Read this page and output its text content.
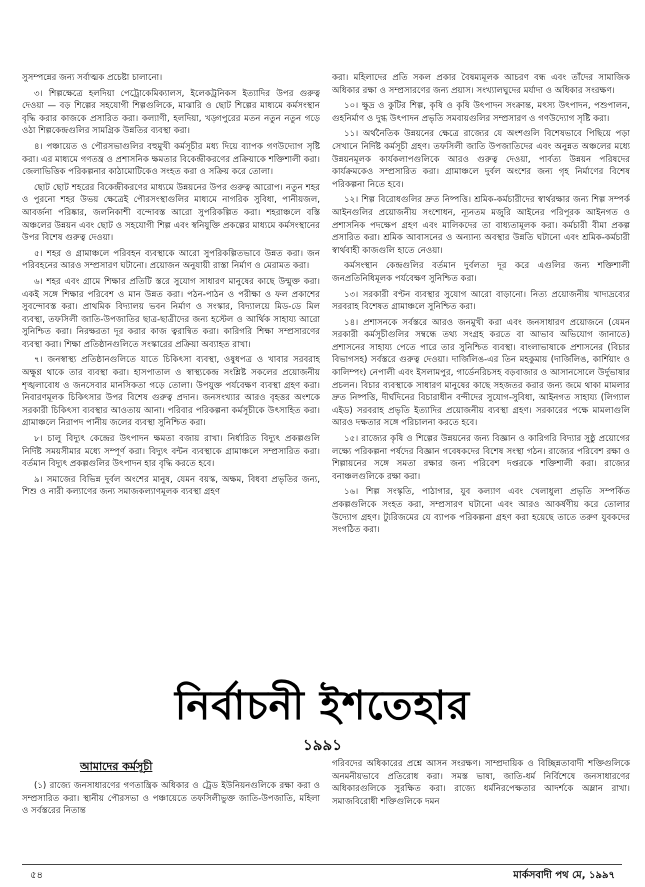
সুসম্পন্নের জন্য সর্বাত্মক প্রচেষ্টা চালানো।

৩। শিল্পক্ষেত্রে হলদিয়া পেট্রোকেমিক্যালস, ইলেকট্রনিকস ইত্যাদির উপর গুরুত্ব দেওয়া — বড় শিল্পের সহযোগী শিল্পগুলিকে, মাঝারি ও ছোট শিল্পের মাধ্যমে কর্মসংস্থান বৃদ্ধি করার কাজকে প্রসারিত করা। কল্যাণী, হলদিয়া, খড়্গপুরের মতন নতুন নতুন গড়ে ওঠা শিল্পকেন্দ্রগুলির সামগ্রিক উন্নতির ব্যবস্থা করা।

৪। পঞ্চায়েত ও পৌরসভাগুলির বহুমুখী কর্মসূচীর মধ্য দিয়ে ব্যাপক গণউদ্যোগ সৃষ্টি করা। এর মাধ্যমে গণতন্ত্র ও প্রশাসনিক ক্ষমতার বিকেন্দ্রীকরণের প্রক্রিয়াকে শক্তিশালী করা। জেলাভিত্তিক পরিকল্পনার কাঠামোটিকেও সংহত করা ও সক্রিয় করে তোলা।

ছোট ছোট শহরের বিকেন্দ্রীকরণের মাধ্যমে উন্নয়নের উপর গুরুত্ব আরোপ। নতুন শহর ও পুরনো শহর উভয় ক্ষেত্রেই পৌরসংস্থাগুলির মাধ্যমে নাগরিক সুবিধা, পানীয়জল, আবর্জনা পরিষ্কার, জলনিকাশী বন্দোবস্ত আরো সুপরিকল্পিত করা। শহরাঞ্চলে বস্তি অঞ্চলের উন্নয়ন এবং ছোট ও সহযোগী শিল্প এবং স্বনিযুক্তি প্রকল্পের মাধ্যমে কর্মসংস্থানের উপর বিশেষ গুরুত্ব দেওয়া।

৫। শহর ও গ্রামাঞ্চলে পরিবহন ব্যবস্থাকে আরো সুপরিকল্পিতভাবে উন্নত করা। জন পরিবহনের আরও সম্প্রসারণ ঘটানো। প্রয়োজন অনুযায়ী রাস্তা নির্মাণ ও মেরামত করা।

৬। শহর এবং গ্রামে শিক্ষার প্রতিটি স্তরে সুযোগ সাধারণ মানুষের কাছে উন্মুক্ত করা। একই সঙ্গে শিক্ষার পরিবেশ ও মান উন্নত করা। পঠন-পাঠন ও পরীক্ষা ও ফল প্রকাশের সুবন্দোবস্ত করা। প্রাথমিক বিদ্যালয় ভবন নির্মাণ ও সংস্কার, বিদ্যালয়ে মিড-ডে মিল ব্যবস্থা, তফসিলী জাতি-উপজাতির ছাত্র-ছাত্রীদের জন্য হস্টেল ও আর্থিক সাহায্য আরো সুনিশ্চিত করা। নিরক্ষরতা দূর করার কাজ ত্বরান্বিত করা। কারিগরি শিক্ষা সম্প্রসারণের ব্যবস্থা করা। শিক্ষা প্রতিষ্ঠানগুলিতে সংস্কারের প্রক্রিয়া অব্যাহত রাখা।

৭। জনস্বাস্থ্য প্রতিষ্ঠানগুলিতে যাতে চিকিৎসা ব্যবস্থা, ওষুধপত্র ও খাবার সরবরাহ অক্ষুণ্ণ থাকে তার ব্যবস্থা করা। হাসপাতাল ও স্বাস্থ্যকেন্দ্র সংশ্লিষ্ট সকলের প্রয়োজনীয় শৃঙ্খলাবোধ ও জনসেবার মানসিকতা গড়ে তোলা। উপযুক্ত পর্যবেক্ষণ ব্যবস্থা গ্রহণ করা। নিবারণমূলক চিকিৎসার উপর বিশেষ গুরুত্ব প্রদান। জনসংখ্যার আরও বৃহত্তর অংশকে সরকারী চিকিৎসা ব্যবস্থার আওতায় আনা। পরিবার পরিকল্পনা কর্মসূচীকে উৎসাহিত করা। গ্রামাঞ্চলে নিরাপদ পানীয় জলের ব্যবস্থা সুনিশ্চিত করা।

৮। চালু বিদ্যুৎ কেন্দ্রের উৎপাদন ক্ষমতা বজায় রাখা। নির্ধারিত বিদ্যুৎ প্রকল্পগুলি নির্দিষ্ট সময়সীমার মধ্যে সম্পূর্ণ করা। বিদ্যুৎ বন্টন ব্যবস্থাকে গ্রামাঞ্চলে সম্প্রসারিত করা। বর্তমান বিদ্যুৎ প্রকল্পগুলির উৎপাদন হার বৃদ্ধি করতে হবে।

৯। সমাজের বিভিন্ন দুর্বল অংশের মানুষ, যেমন বয়স্ক, অক্ষম, বিধবা প্রভৃতির জন্য, শিশু ও নারী কল্যাণের জন্য সমাজকল্যাণমূলক ব্যবস্থা গ্রহণ

করা। মহিলাদের প্রতি সকল প্রকার বৈষম্যমূলক আচরণ বন্ধ এবং তাঁদের সামাজিক অধিকার রক্ষা ও সম্প্রসারণের জন্য প্রয়াস। সংখ্যালঘুদের মর্যাদা ও অধিকার সংরক্ষণ।

১০। ক্ষুদ্র ও কুটির শিল্প, কৃষি ও কৃষি উৎপাদন সংক্রান্ত, মৎস্য উৎপাদন, পশুপালন, গুহনির্মাণ ও দুগ্ধ উৎপাদন প্রভৃতি সমবায়গুলির সম্প্রসারণ ও গণউদ্যোগ সৃষ্টি করা।

১১। অর্থনৈতিক উন্নয়নের ক্ষেত্রে রাজ্যের যে অংশগুলি বিশেষভাবে পিছিয়ে পড়া সেখানে নির্দিষ্ট কর্মসূচী গ্রহণ। তফসিলী জাতি উপজাতিদের এবং অনুন্নত অঞ্চলের মধ্যে উন্নয়নমূলক কার্যকলাপগুলিকে আরও গুরুত্ব দেওয়া, পার্বত্য উন্নয়ন পরিষদের কার্যক্রমকেও সম্প্রসারিত করা। গ্রামাঞ্চলে দুর্বল অংশের জন্য গৃহ নির্মাণের বিশেষ পরিকল্পনা নিতে হবে।

১২। শিল্প বিরোধগুলির দ্রুত নিষ্পত্তি। শ্রমিক-কর্মচারীদের স্বার্থরক্ষার জন্য শিল্প সম্পর্ক আইনগুলির প্রয়োজনীয় সংশোধন, ন্যূনতম মজুরি আইনের পরিপূরক আইনগত ও প্রশাসনিক পদক্ষেপ গ্রহণ এবং মালিকদের তা বাধ্যতামূলক করা। কর্মচারী বীমা প্রকল্প প্রসারিত করা। শ্রমিক আবাসনের ও অন্যান্য অবস্থার উন্নতি ঘটানো এবং শ্রমিক-কর্মচারী স্বার্থবাহী কাজগুলি হাতে নেওয়া।

কর্মসংস্থান কেন্দ্রগুলির বর্তমান দুর্বলতা দূর করে এগুলির জন্য শক্তিশালী জনপ্রতিনিধিমূলক পর্যবেক্ষণ সুনিশ্চিত করা।

১৩। সরকারী বণ্টন ব্যবস্থার সুযোগ আরো বাড়ানো। নিত্য প্রয়োজনীয় খাদ্যদ্রব্যের সরবরাহ বিশেষত গ্রামাঞ্চলে সুনিশ্চিত করা।

১৪। প্রশাসনকে সর্বস্তরে আরও জনমুখী করা এবং জনসাধারণ প্রয়োজনে (যেমন সরকারী কর্মসূচীগুলির সম্বন্ধে তথ্য সংগ্রহ করতে বা আভাব অভিযোগ জানাতে) প্রশাসনের সাহায্য পেতে পারে তার সুনিশ্চিত ব্যবস্থা। বাংলাভাষাকে প্রশাসনের (বিচার বিভাগসহ) সর্বস্তরে গুরুত্ব দেওয়া। দার্জিলিঙ-এর তিন মহকুমায় (দার্জিলিঙ, কার্শিয়াং ও কালিম্পং) নেপালী এবং ইসলামপুর, গার্ডেনরিচসহ বড়বাজার ও আসানসোলে উর্দুভাষার প্রচলন। বিচার ব্যবস্থাকে সাধারণ মানুষের কাছে সহজতর করার জন্য জমে থাকা মামলার দ্রুত নিষ্পত্তি, দীর্ঘদিনের বিচারাধীন বন্দীদের সুযোগ-সুবিধা, আইনগত সাহায্য (লিগ্যাল এইড) সরবরাহ প্রভৃতি ইত্যাদির প্রয়োজনীয় ব্যবস্থা গ্রহণ। সরকারের পক্ষে মামলাগুলি আরও দক্ষতার সঙ্গে পরিচালনা করতে হবে।

১৫। রাজ্যের কৃষি ও শিল্পের উন্নয়নের জন্য বিজ্ঞান ও কারিগরি বিদ্যার সুষ্ঠু প্রয়োগের লক্ষ্যে পরিকল্পনা পর্ষদের বিজ্ঞান গবেষকদের বিশেষ সংস্থা গঠন। রাজ্যের পরিবেশ রক্ষা ও শিল্পায়নের সঙ্গে সমতা রক্ষার জন্য পরিবেশ দপ্তরকে শক্তিশালী করা। রাজ্যের বনাঞ্চলগুলিকে রক্ষা করা।

১৬। শিল্প সংস্কৃতি, পাঠাগার, যুব কল্যাণ এবং খেলাধুলা প্রভৃতি সম্পর্কিত প্রকল্পগুলিকে সংহত করা, সম্প্রসারণ ঘটানো এবং আরও আকর্ষণীয় করে তোলার উদ্যোগ গ্রহণ। ট্যুরিজমের যে ব্যাপক পরিকল্পনা গ্রহণ করা হয়েছে তাতে তরুণ যুবকদের সংগঠিত করা।

নির্বাচনী ইশতেহার
১৯৯১
আমাদের কর্মসূচী

(১) রাজ্যে জনসাধারণের গণতান্ত্রিক অধিকার ও ট্রেড ইউনিয়নগুলিকে রক্ষা করা ও সম্প্রসারিত করা। স্থানীয় পৌরসভা ও পঞ্চায়েতে তফসিলীভুক্ত জাতি-উপজাতি, মহিলা ও সর্বস্তরের নিতান্ত

গরিবদের অধিকারের প্রশ্নে আসন সংরক্ষণ। সাম্প্রদায়িক ও বিচ্ছিন্নতাবাদী শক্তিগুলিকে অনমনীয়ভাবে প্রতিরোধ করা। সমস্ত ভাষা, জাতি-ধর্ম নির্বিশেষে জনসাধারণের অধিকারগুলিকে সুরক্ষিত করা। রাজ্যে ধর্মনিরপেক্ষতার আদর্শকে অম্লান রাখা। সমাজবিরোধী শক্তিগুলিকে দমন

৫৪	মার্কসবাদী পথ মে, ১৯৯৭
